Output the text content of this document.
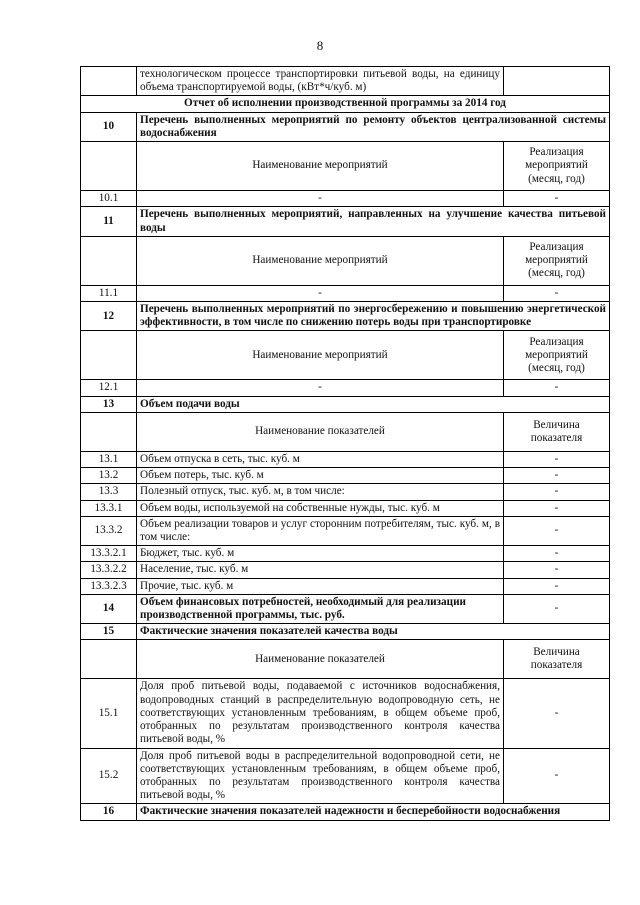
8
	технологическом процессе транспортировки питьевой воды, на единицу объема транспортируемой воды, (кВт*ч/куб. м)	
Отчет об исполнении производственной программы за 2014 год		
10	Перечень выполненных мероприятий по ремонту объектов централизованной системы водоснабжения	
	Наименование мероприятий	Реализация мероприятий (месяц, год)
10.1	-	-
11	Перечень выполненных мероприятий, направленных на улучшение качества питьевой воды	
	Наименование мероприятий	Реализация мероприятий (месяц, год)
11.1	-	-
12	Перечень выполненных мероприятий по энергосбережению и повышению энергетической эффективности, в том числе по снижению потерь воды при транспортировке	
	Наименование мероприятий	Реализация мероприятий (месяц, год)
12.1	-	-
13	Объем подачи воды	
	Наименование показателей	Величина показателя
13.1	Объем отпуска в сеть, тыс. куб. м	-
13.2	Объем потерь, тыс. куб. м	-
13.3	Полезный отпуск, тыс. куб. м, в том числе:	-
13.3.1	Объем воды, используемой на собственные нужды, тыс. куб. м	-
13.3.2	Объем реализации товаров и услуг сторонним потребителям, тыс. куб. м, в том числе:	-
13.3.2.1	Бюджет, тыс. куб. м	-
13.3.2.2	Население, тыс. куб. м	-
13.3.2.3	Прочие, тыс. куб. м	-
14	Объем финансовых потребностей, необходимый для реализации производственной программы, тыс. руб.	-
15	Фактические значения показателей качества воды	
	Наименование показателей	Величина показателя
15.1	Доля проб питьевой воды, подаваемой с источников водоснабжения, водопроводных станций в распределительную водопроводную сеть, не соответствующих установленным требованиям, в общем объеме проб, отобранных по результатам производственного контроля качества питьевой воды, %	-
15.2	Доля проб питьевой воды в распределительной водопроводной сети, не соответствующих установленным требованиям, в общем объеме проб, отобранных по результатам производственного контроля качества питьевой воды, %	-
16	Фактические значения показателей надежности и бесперебойности водоснабжения	
